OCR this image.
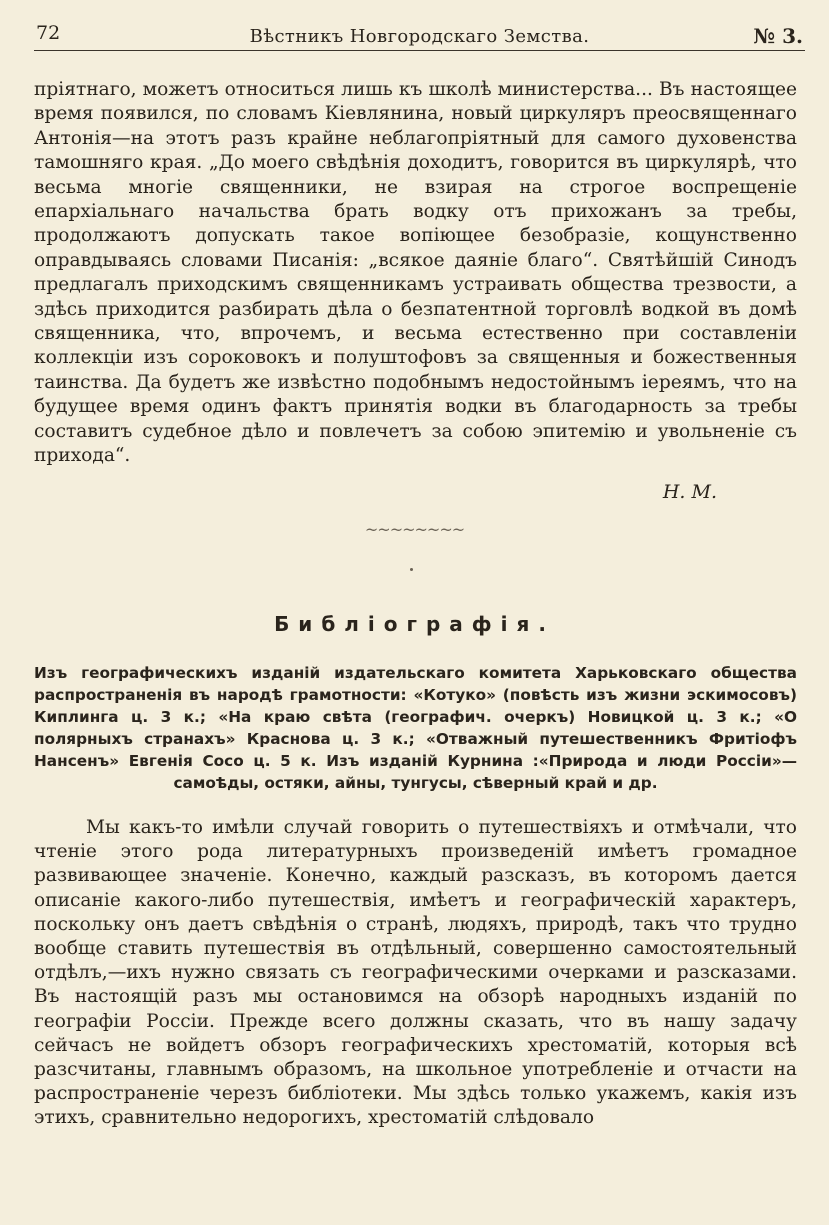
72	Вѣстникъ Новгородскаго Земства.	№ 3.

пріятнаго, можетъ относиться лишь къ школѣ министерства... Въ настоящее время появился, по словамъ Кіевлянина, новый циркуляръ преосвященнаго Антонія—на этотъ разъ крайне неблагопріятный для самого духовенства тамошняго края. „До моего свѣдѣнія доходитъ, говорится въ циркулярѣ, что весьма многіе священники, не взирая на строгое воспрещеніе епархіальнаго начальства брать водку отъ прихожанъ за требы, продолжаютъ допускать такое вопіющее безобразіе, кощунственно оправдываясь словами Писанія: „всякое даяніе благо“. Святѣйшій Синодъ предлагалъ приходскимъ священникамъ устраивать общества трезвости, а здѣсь приходится разбирать дѣла о безпатентной торговлѣ водкой въ домѣ священника, что, впрочемъ, и весьма естественно при составленіи коллекціи изъ сороковокъ и полуштофовъ за священныя и божественныя таинства. Да будетъ же извѣстно подобнымъ недостойнымъ іереямъ, что на будущее время одинъ фактъ принятія водки въ благодарность за требы составитъ судебное дѣло и повлечетъ за собою эпитемію и увольненіе съ прихода“.

Н. М.
~~~~~~~~
Библіографія.
Изъ географическихъ изданій издательскаго комитета Харьковскаго общества распространенія въ народѣ грамотности: «Котуко» (повѣсть изъ жизни эскимосовъ) Киплинга ц. 3 к.; «На краю свѣта (географич. очеркъ) Новицкой ц. 3 к.; «О полярныхъ странахъ» Краснова ц. 3 к.; «Отважный путешественникъ Фритіофъ Нансенъ» Евгенія Сосо ц. 5 к. Изъ изданій Курнина :«Природа и люди Россіи»—самоѣды, остяки, айны, тунгусы, сѣверный край и др.

Мы какъ-то имѣли случай говорить о путешествіяхъ и отмѣчали, что чтеніе этого рода литературныхъ произведеній имѣетъ громадное развивающее значеніе. Конечно, каждый разсказъ, въ которомъ дается описаніе какого-либо путешествія, имѣетъ и географическій характеръ, поскольку онъ даетъ свѣдѣнія о странѣ, людяхъ, природѣ, такъ что трудно вообще ставить путешествія въ отдѣльный, совершенно самостоятельный отдѣлъ,—ихъ нужно связать съ географическими очерками и разсказами. Въ настоящій разъ мы остановимся на обзорѣ народныхъ изданій по географіи Россіи. Прежде всего должны сказать, что въ нашу задачу сейчасъ не войдетъ обзоръ географическихъ хрестоматій, которыя всѣ разсчитаны, главнымъ образомъ, на школьное употребленіе и отчасти на распространеніе черезъ библіотеки. Мы здѣсь только укажемъ, какія изъ этихъ, сравнительно недорогихъ, хрестоматій слѣдовало
